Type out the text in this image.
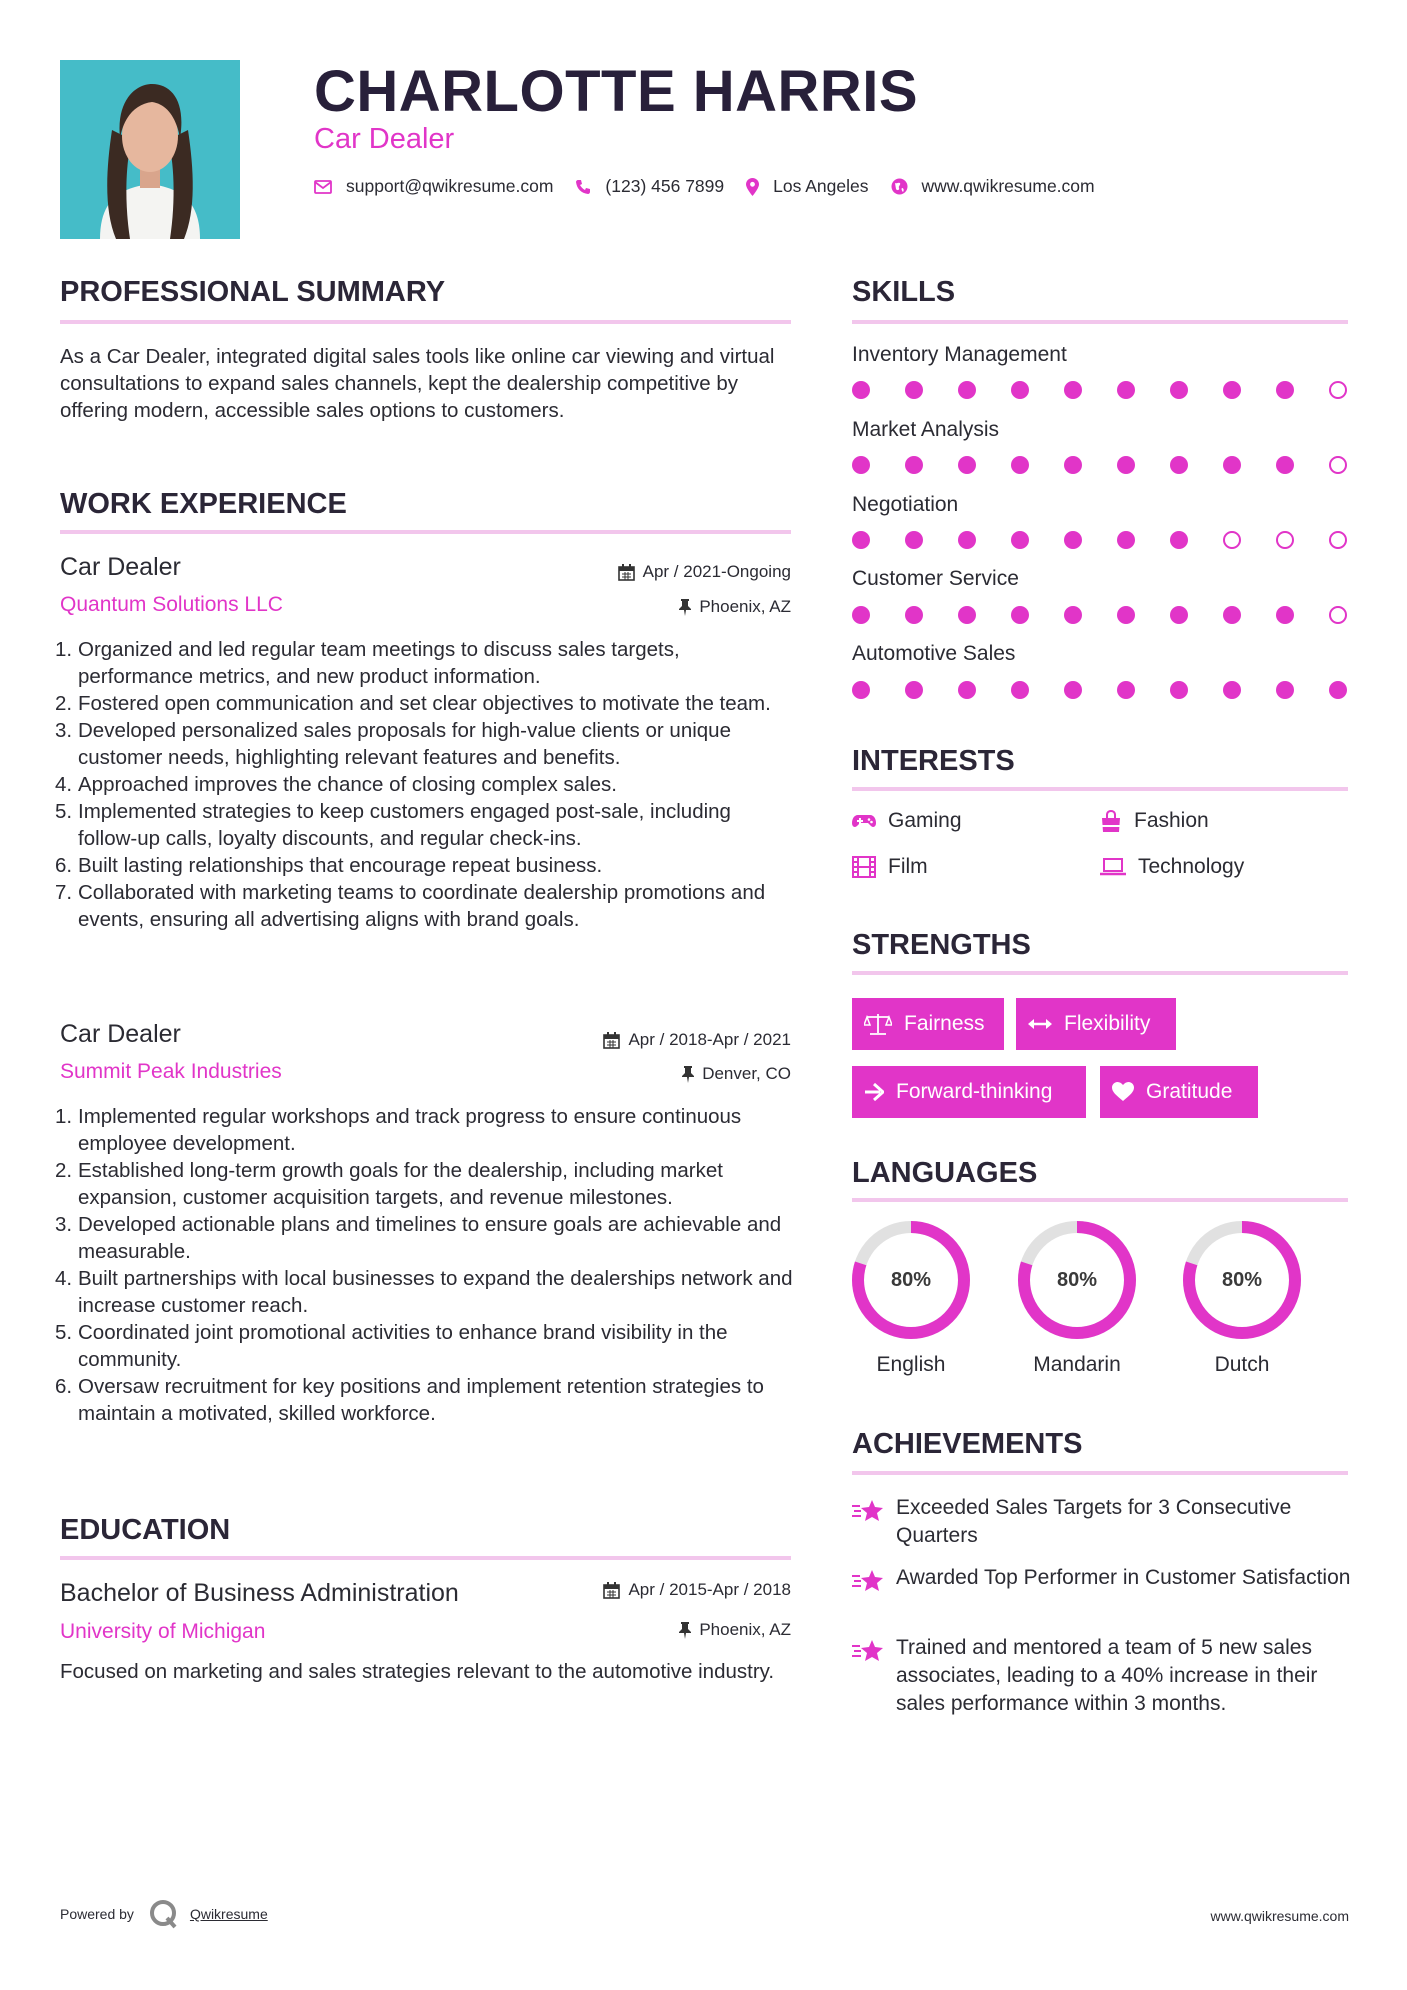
CHARLOTTE HARRIS
Car Dealer
support@qwikresume.com	(123) 456 7899	Los Angeles	www.qwikresume.com
PROFESSIONAL SUMMARY
As a Car Dealer, integrated digital sales tools like online car viewing and virtual consultations to expand sales channels, kept the dealership competitive by offering modern, accessible sales options to customers.
WORK EXPERIENCE
Car Dealer
Quantum Solutions LLC
Apr / 2021-Ongoing
Phoenix, AZ
1. Organized and led regular team meetings to discuss sales targets, performance metrics, and new product information.
2. Fostered open communication and set clear objectives to motivate the team.
3. Developed personalized sales proposals for high-value clients or unique customer needs, highlighting relevant features and benefits.
4. Approached improves the chance of closing complex sales.
5. Implemented strategies to keep customers engaged post-sale, including follow-up calls, loyalty discounts, and regular check-ins.
6. Built lasting relationships that encourage repeat business.
7. Collaborated with marketing teams to coordinate dealership promotions and events, ensuring all advertising aligns with brand goals.
Car Dealer
Summit Peak Industries
Apr / 2018-Apr / 2021
Denver, CO
1. Implemented regular workshops and track progress to ensure continuous employee development.
2. Established long-term growth goals for the dealership, including market expansion, customer acquisition targets, and revenue milestones.
3. Developed actionable plans and timelines to ensure goals are achievable and measurable.
4. Built partnerships with local businesses to expand the dealerships network and increase customer reach.
5. Coordinated joint promotional activities to enhance brand visibility in the community.
6. Oversaw recruitment for key positions and implement retention strategies to maintain a motivated, skilled workforce.
EDUCATION
Bachelor of Business Administration
University of Michigan
Apr / 2015-Apr / 2018
Phoenix, AZ
Focused on marketing and sales strategies relevant to the automotive industry.
SKILLS
Inventory Management
Market Analysis
Negotiation
Customer Service
Automotive Sales
INTERESTS
Gaming	Fashion
Film	Technology
STRENGTHS
Fairness	Flexibility
Forward-thinking	Gratitude
LANGUAGES
80%
English
80%
Mandarin
80%
Dutch
ACHIEVEMENTS
Exceeded Sales Targets for 3 Consecutive Quarters
Awarded Top Performer in Customer Satisfaction
Trained and mentored a team of 5 new sales associates, leading to a 40% increase in their sales performance within 3 months.
Powered by	Qwikresume	www.qwikresume.com
